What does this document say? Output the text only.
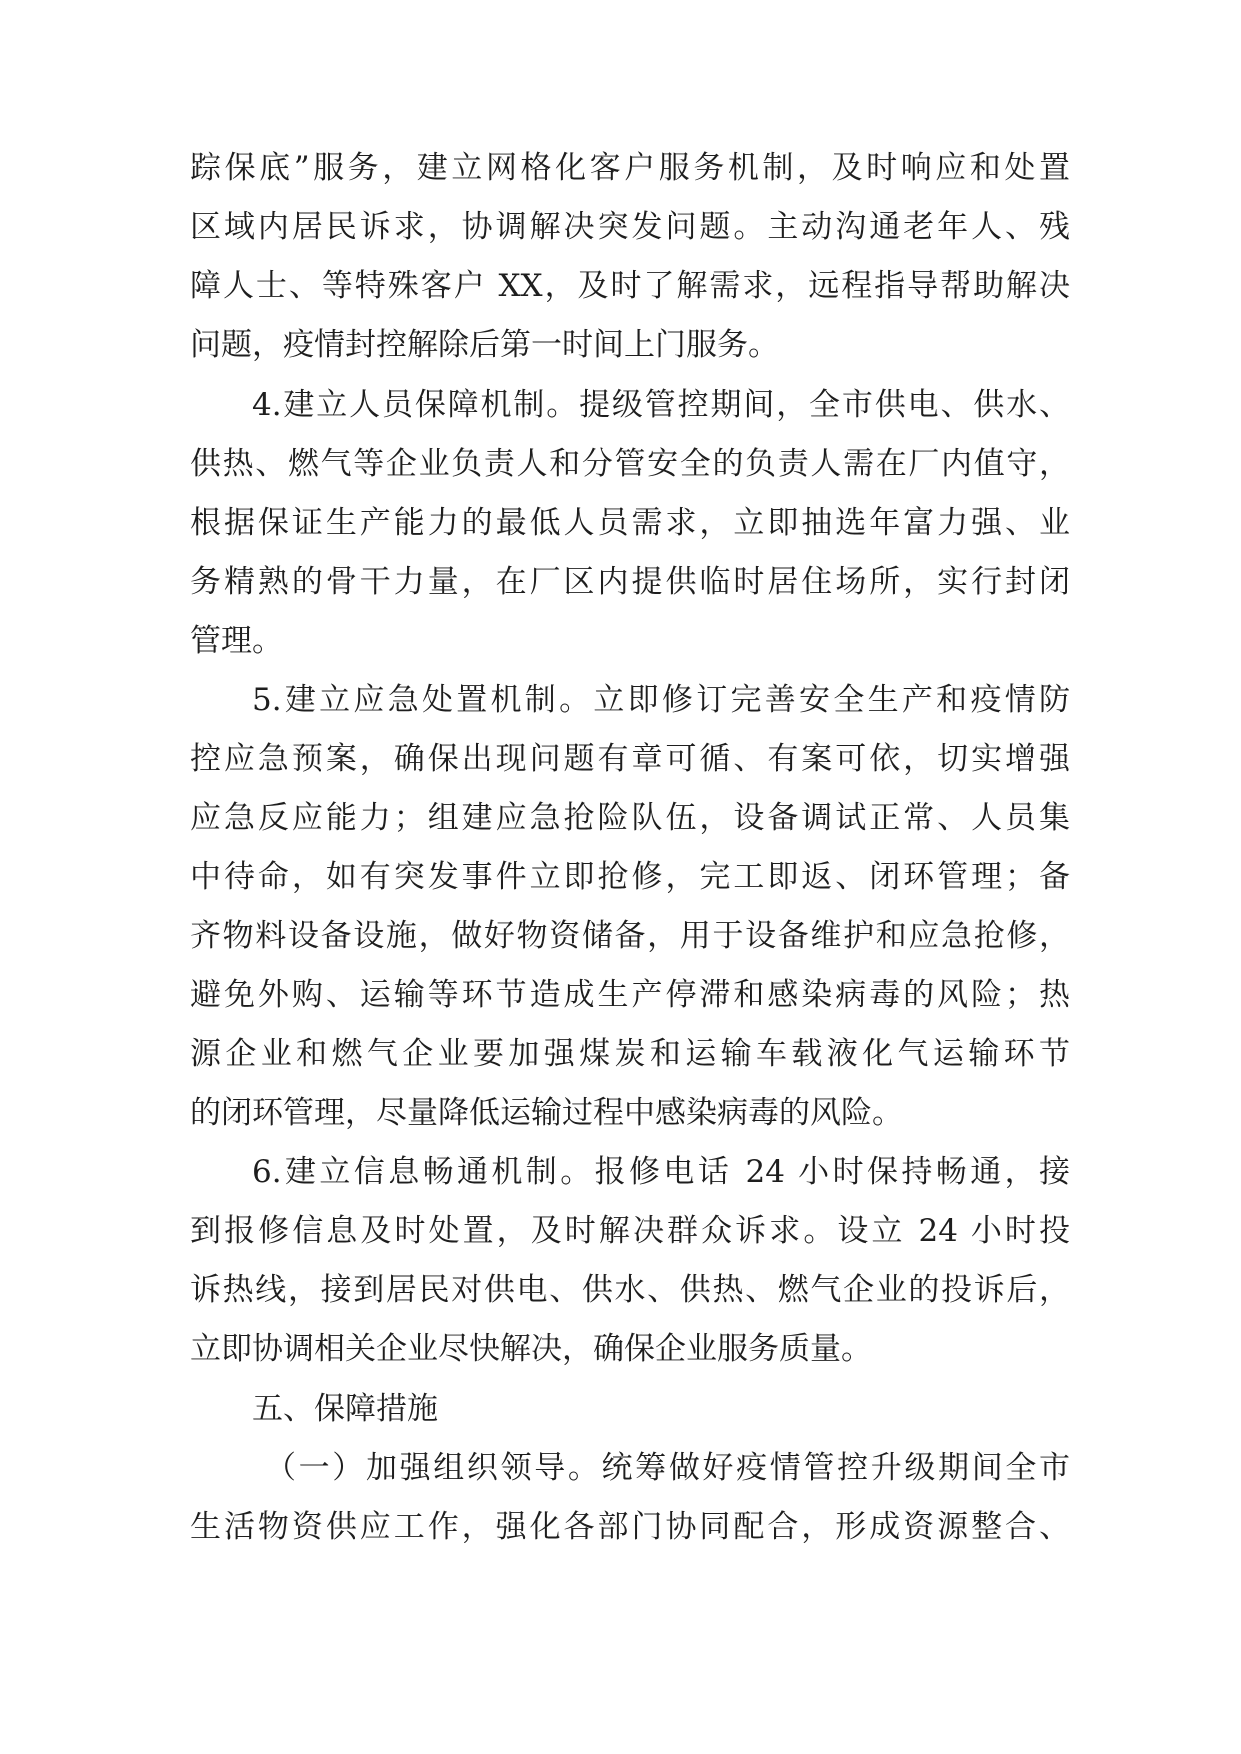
踪保底”服务，建立网格化客户服务机制，及时响应和处置

区域内居民诉求，协调解决突发问题。主动沟通老年人、残

障人士、等特殊客户 XX，及时了解需求，远程指导帮助解决

问题，疫情封控解除后第一时间上门服务。

4.建立人员保障机制。提级管控期间，全市供电、供水、

供热、燃气等企业负责人和分管安全的负责人需在厂内值守，

根据保证生产能力的最低人员需求，立即抽选年富力强、业

务精熟的骨干力量，在厂区内提供临时居住场所，实行封闭

管理。

5.建立应急处置机制。立即修订完善安全生产和疫情防

控应急预案，确保出现问题有章可循、有案可依，切实增强

应急反应能力；组建应急抢险队伍，设备调试正常、人员集

中待命，如有突发事件立即抢修，完工即返、闭环管理；备

齐物料设备设施，做好物资储备，用于设备维护和应急抢修，

避免外购、运输等环节造成生产停滞和感染病毒的风险；热

源企业和燃气企业要加强煤炭和运输车载液化气运输环节

的闭环管理，尽量降低运输过程中感染病毒的风险。

6.建立信息畅通机制。报修电话 24 小时保持畅通，接

到报修信息及时处置，及时解决群众诉求。设立 24 小时投

诉热线，接到居民对供电、供水、供热、燃气企业的投诉后，

立即协调相关企业尽快解决，确保企业服务质量。

五、保障措施

（一）加强组织领导。统筹做好疫情管控升级期间全市

生活物资供应工作，强化各部门协同配合，形成资源整合、
